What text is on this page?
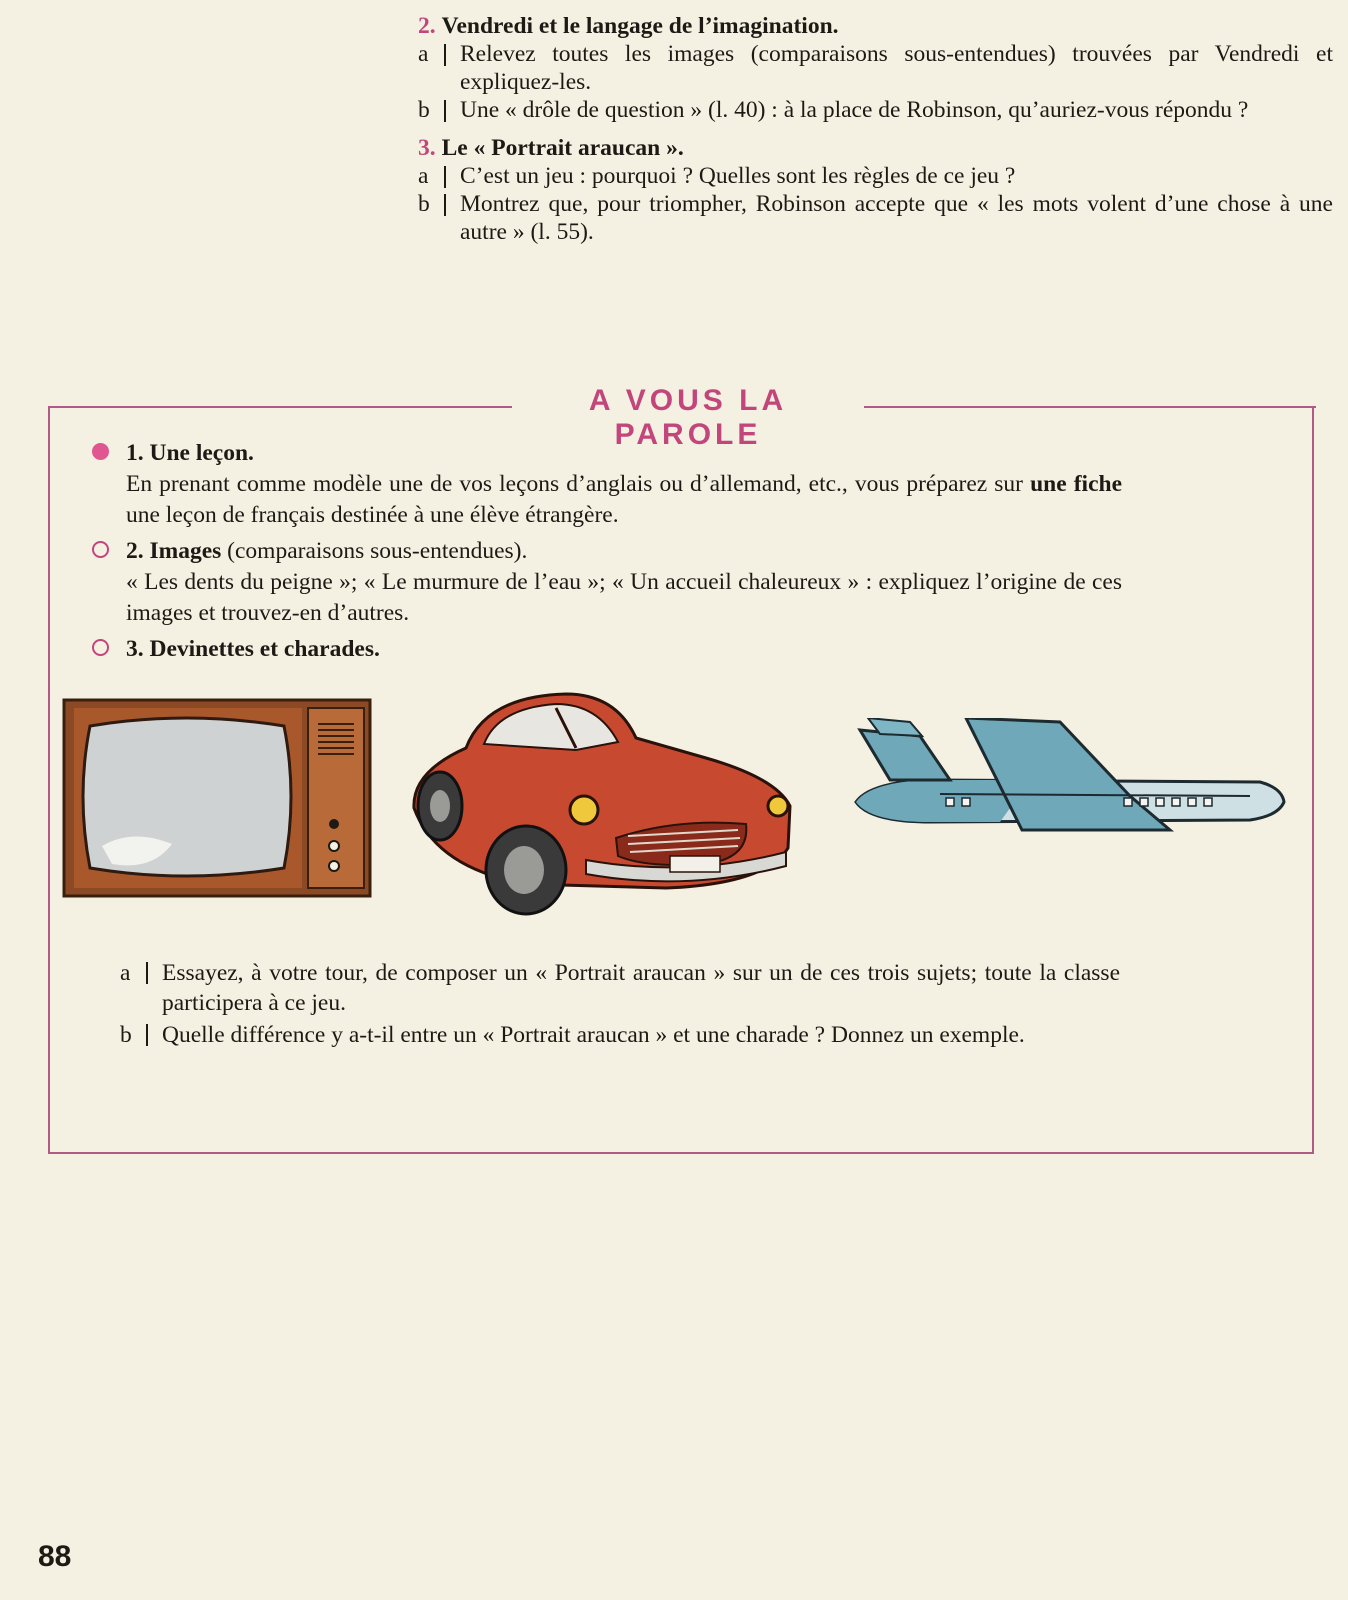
2. Vendredi et le langage de l’imagination.
a	Relevez toutes les images (comparaisons sous-entendues) trouvées par Vendredi et expliquez-les.
b	Une « drôle de question » (l. 40) : à la place de Robinson, qu’auriez-vous répondu ?
3. Le « Portrait araucan ».
a	C’est un jeu : pourquoi ? Quelles sont les règles de ce jeu ?
b	Montrez que, pour triompher, Robinson accepte que « les mots volent d’une chose à une autre » (l. 55).
A VOUS LA PAROLE
1. Une leçon.
En prenant comme modèle une de vos leçons d’anglais ou d’allemand, etc., vous préparez sur une fiche une leçon de français destinée à une élève étrangère.
2. Images (comparaisons sous-entendues).
« Les dents du peigne »; « Le murmure de l’eau »; « Un accueil chaleureux » : expliquez l’origine de ces images et trouvez-en d’autres.
3. Devinettes et charades.
a	Essayez, à votre tour, de composer un « Portrait araucan » sur un de ces trois sujets; toute la classe participera à ce jeu.
b	Quelle différence y a-t-il entre un « Portrait araucan » et une charade ? Donnez un exemple.
88
